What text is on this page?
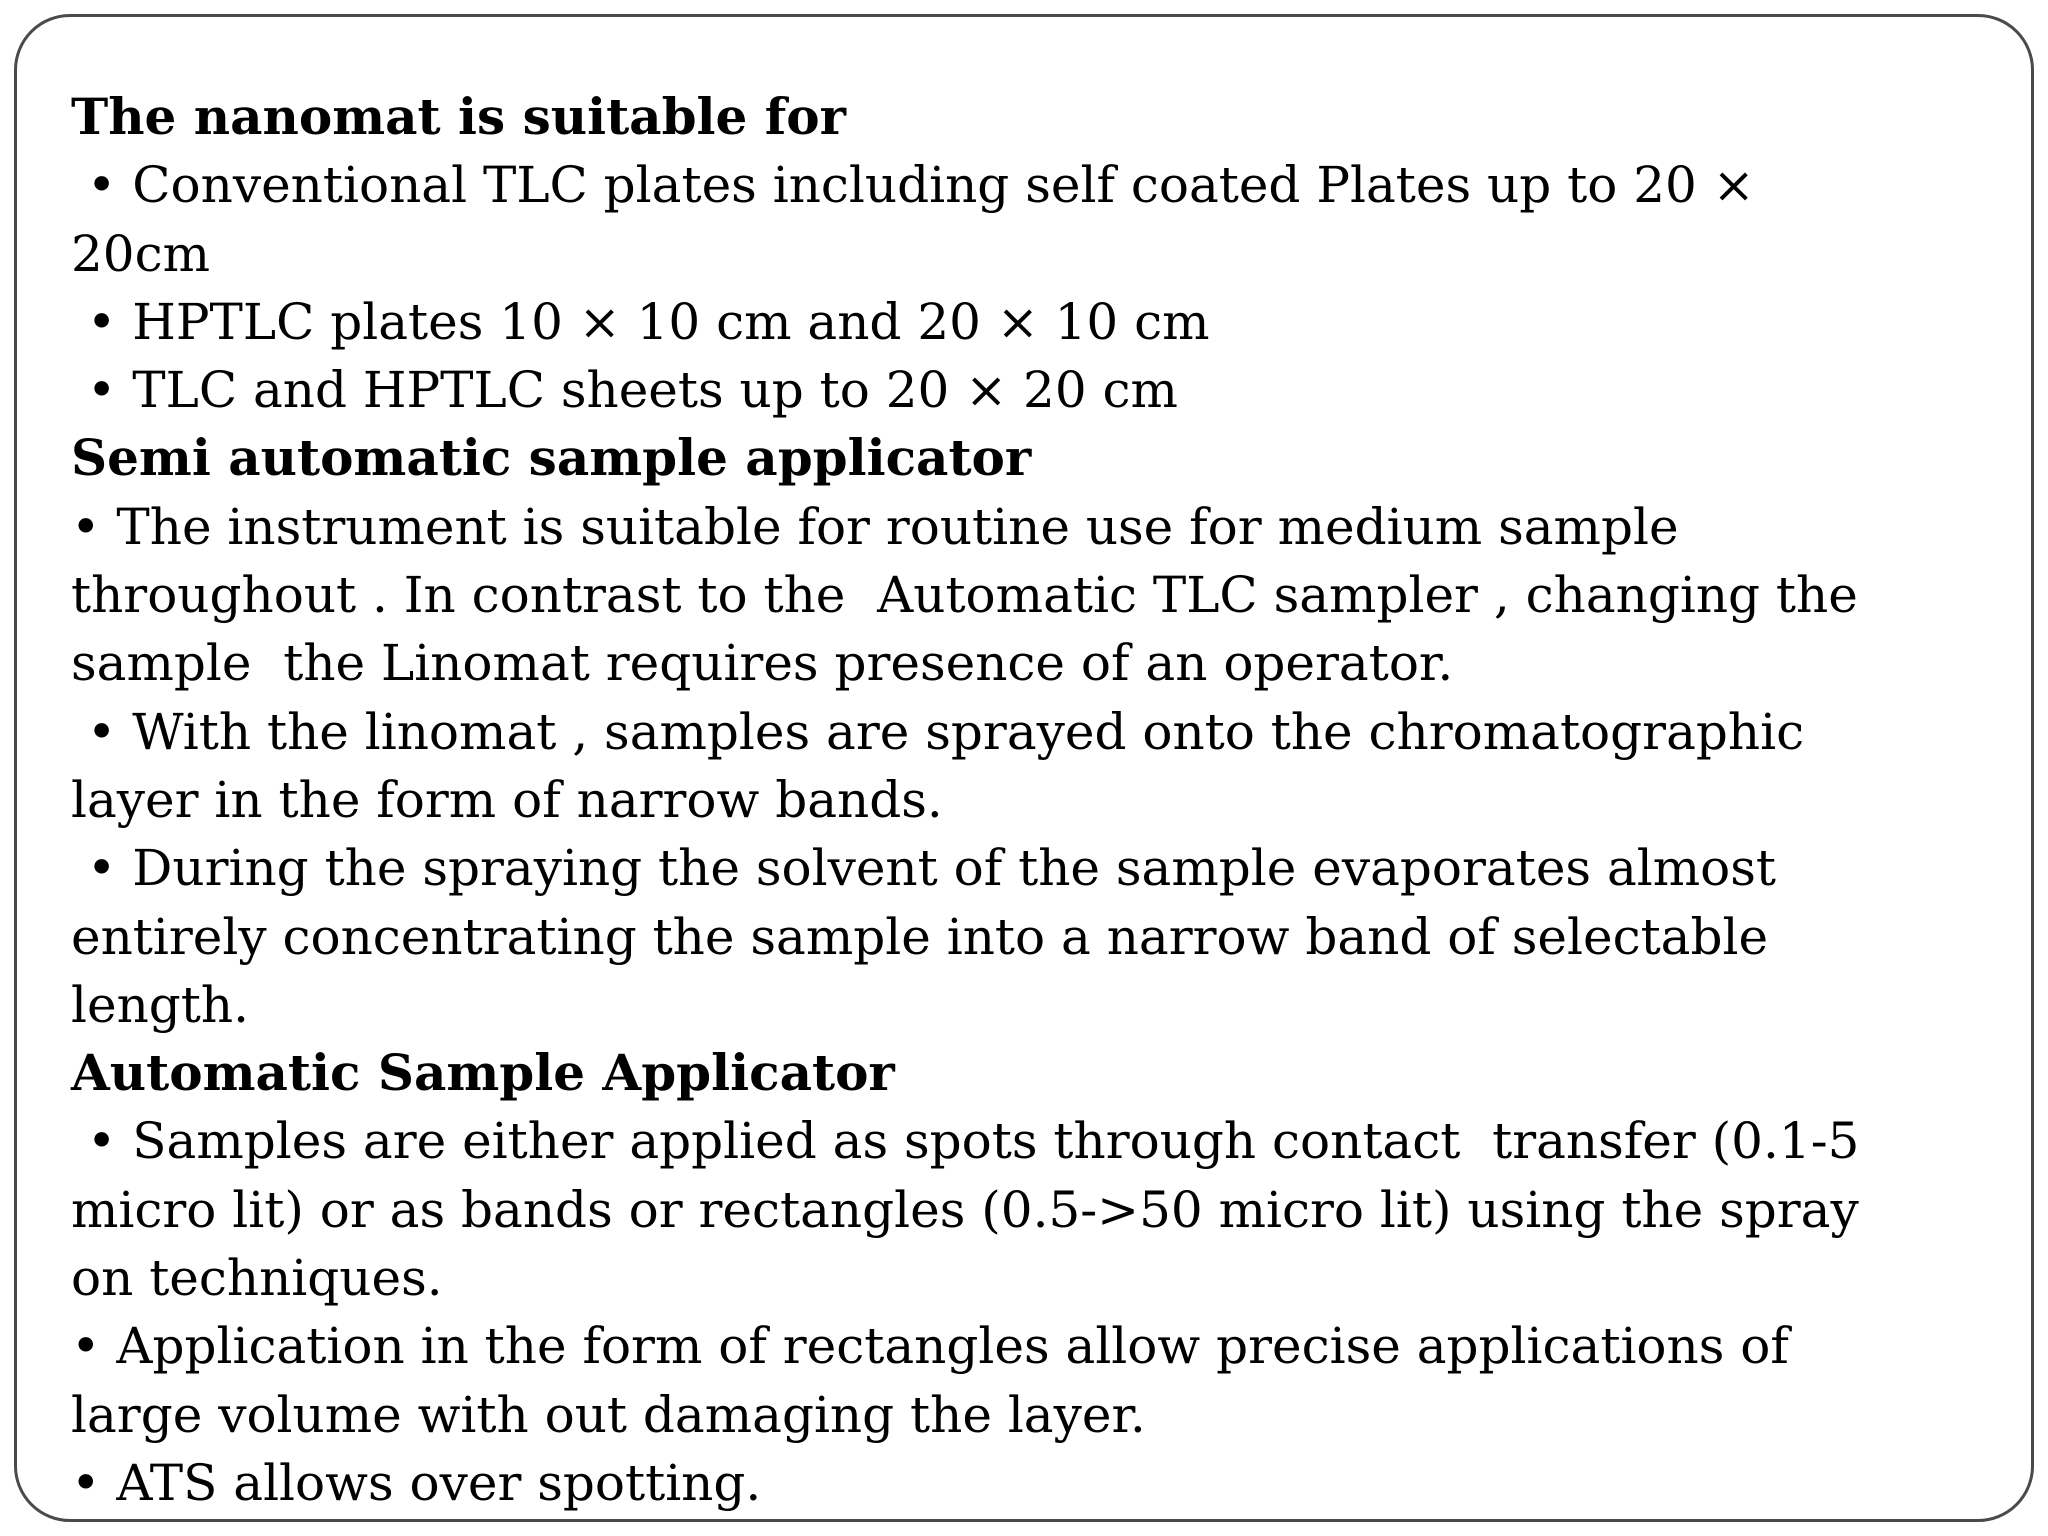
The nanomat is suitable for
• Conventional TLC plates including self coated Plates up to 20 ×
20cm
• HPTLC plates 10 × 10 cm and 20 × 10 cm
• TLC and HPTLC sheets up to 20 × 20 cm
Semi automatic sample applicator
• The instrument is suitable for routine use for medium sample
throughout . In contrast to the  Automatic TLC sampler , changing the
sample  the Linomat requires presence of an operator.
• With the linomat , samples are sprayed onto the chromatographic
layer in the form of narrow bands.
• During the spraying the solvent of the sample evaporates almost
entirely concentrating the sample into a narrow band of selectable
length.
Automatic Sample Applicator
• Samples are either applied as spots through contact  transfer (0.1-5
micro lit) or as bands or rectangles (0.5->50 micro lit) using the spray
on techniques.
• Application in the form of rectangles allow precise applications of
large volume with out damaging the layer.
• ATS allows over spotting.
